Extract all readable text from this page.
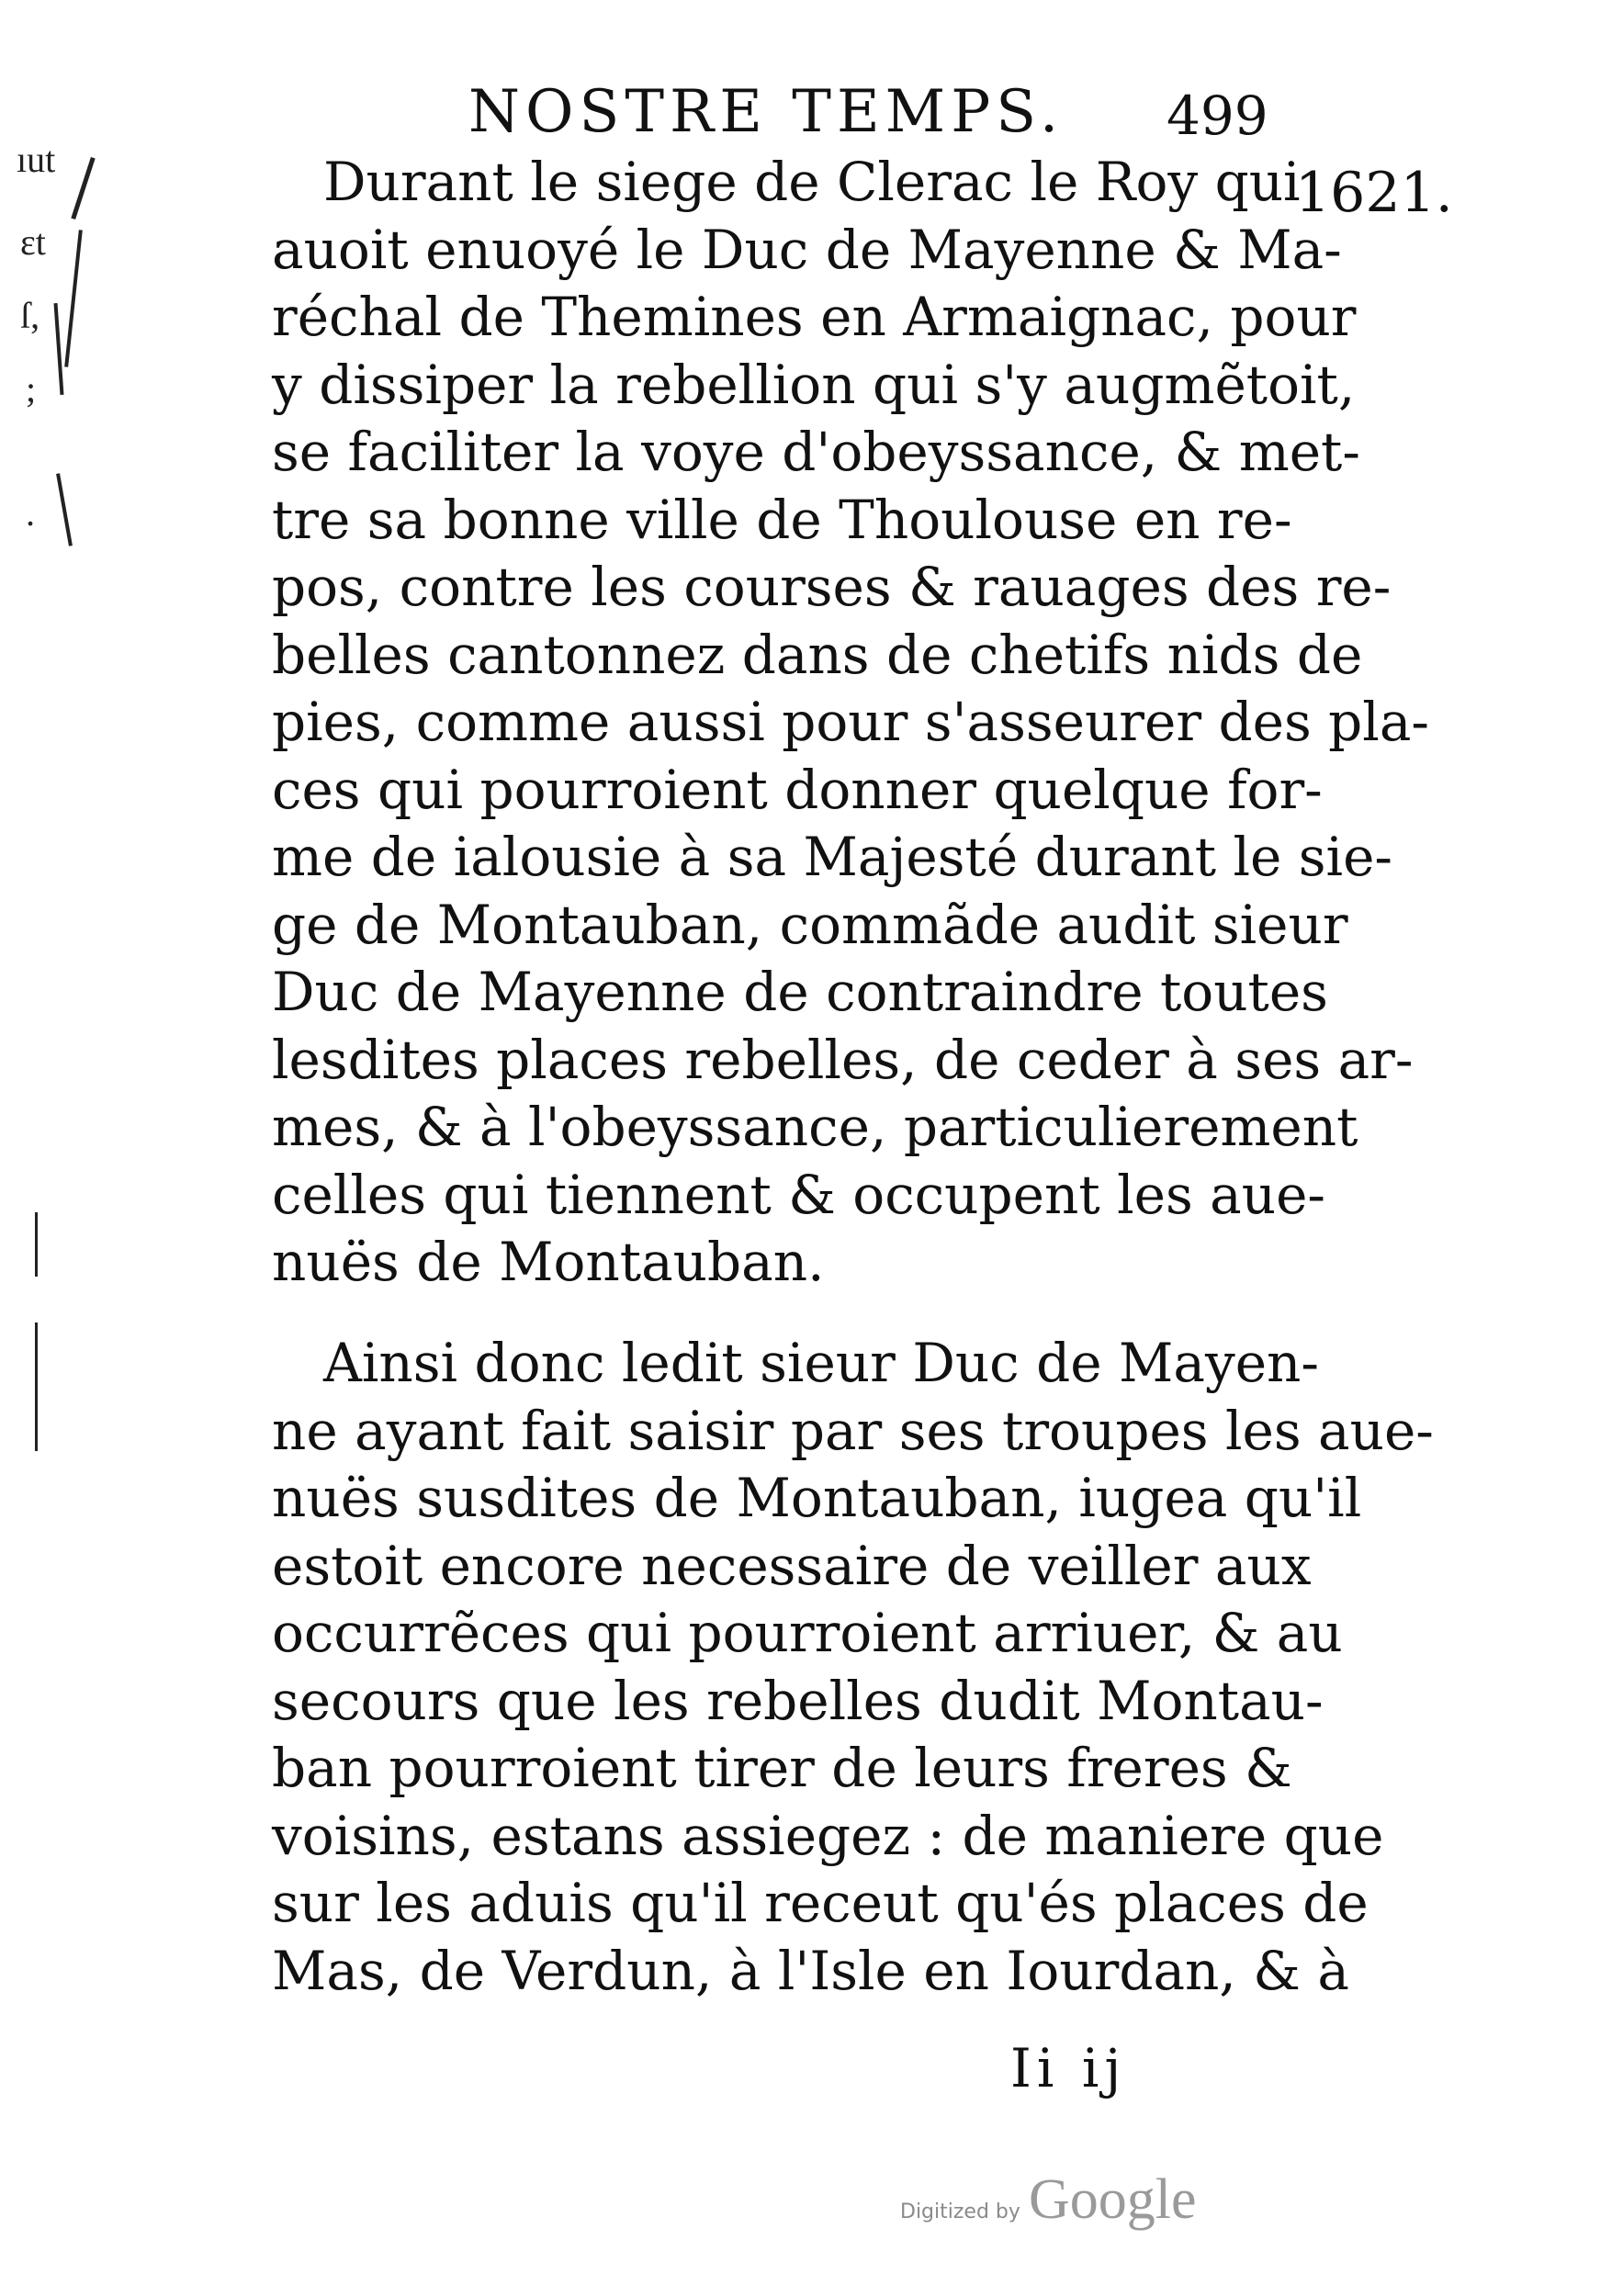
NOSTRE TEMPS. 499
1621.
Durant le siege de Clerac le Roy qui
auoit enuoyé le Duc de Mayenne & Ma-
réchal de Themines en Armaignac, pour
y dissiper la rebellion qui s'y augmẽtoit,
se faciliter la voye d'obeyssance, & met-
tre sa bonne ville de Thoulouse en re-
pos, contre les courses & rauages des re-
belles cantonnez dans de chetifs nids de
pies, comme aussi pour s'asseurer des pla-
ces qui pourroient donner quelque for-
me de ialousie à sa Majesté durant le sie-
ge de Montauban, commãde audit sieur
Duc de Mayenne de contraindre toutes
lesdites places rebelles, de ceder à ses ar-
mes, & à l'obeyssance, particulierement
celles qui tiennent & occupent les aue-
nuës de Montauban.
Ainsi donc ledit sieur Duc de Mayen-
ne ayant fait saisir par ses troupes les aue-
nuës susdites de Montauban, iugea qu'il
estoit encore necessaire de veiller aux
occurrẽces qui pourroient arriuer, & au
secours que les rebelles dudit Montau-
ban pourroient tirer de leurs freres &
voisins, estans assiegez : de maniere que
sur les aduis qu'il receut qu'és places de
Mas, de Verdun, à l'Isle en Iourdan, & à
Ii ij
ıut
ɛt
ſ,
;
.
Digitized by Google
